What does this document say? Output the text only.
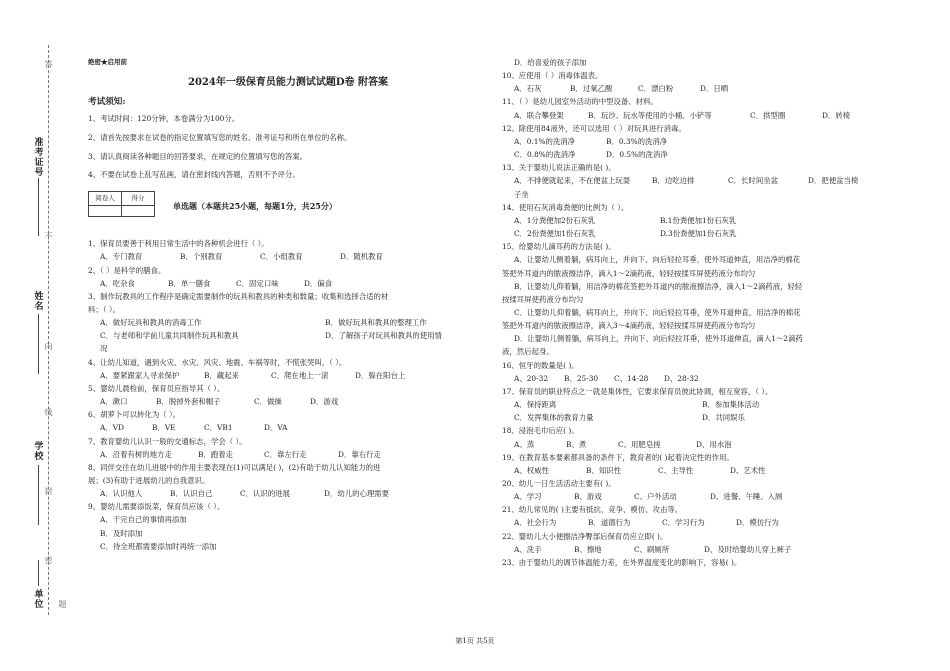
准考证号
姓名
学校
单位
答
不
内
线
封
密
题
绝密★启用前
2024年一级保育员能力测试试题D卷 附答案
考试须知:
1、考试时间：120分钟，本卷满分为100分。
2、请首先按要求在试卷的指定位置填写您的姓名、准考证号和所在单位的名称。
3、请认真阅读各种题目的回答要求，在规定的位置填写您的答案。
4、不要在试卷上乱写乱画，请在密封线内答题，否则不予评分。
阅卷人	得分

单选题（本题共25小题，每题1分，共25分）
1、保育员要善于利用日常生活中的各种机会进行（ ）。
A．专门教育	B．个别教育	C．小组教育	D．随机教育
2、（ ）是科学的膳食。
A．吃杂食	B．单一膳食	C．固定口味	D．偏食
3、制作玩教具的工作程序是确定需要制作的玩具和教具的种类和数量；收集和选择合适的材
料；（ ）。
A．做好玩具和教具的消毒工作	B．做好玩具和教具的整理工作
C．与老师和学前儿童共同制作玩具和教具	D．了解孩子对玩具和教具的使用情
况
4、让幼儿知道，遇到火灾、水灾、风灾、地震、车祸等时，不慌张哭叫，（ ）。
A．要紧跟家人寻求保护	B．藏起来	C．爬在地上一滚	D．躲在阳台上
5、婴幼儿晨检前，保育员应指导其（ ）。
A．漱口	B．脱掉外套和帽子	C．做操	D．游戏
6、胡萝卜可以转化为（ ）。
A．VD	B．VE	C．VB1	D．VA
7、教育婴幼儿认识一般的交通标志，学会（ ）。
A．沿着有树的地方走	B．跑着走	C．靠左行走	D．靠右行走
8、同伴交往在幼儿进展中的作用主要表现在(1)可以满足( )，(2)有助于幼儿认知能力的进
展；(3)有助于进展幼儿的自我意识。
A．认识他人	B．认识自己	C．认识的进展	D．幼儿的心理需要
9、婴幼儿需要添饭菜，保育员应该（ ）。
A．干完自己的事情再添加
B．及时添加
C．待全班都需要添加时再统一添加
D．给喜爱的孩子添加
10、应使用（ ）消毒体温表。
A．石灰	B．过氧乙酸	C．漂白粉	D．日晒
11、（ ）是幼儿园室外活动的中型设备、材料。
A．联合攀登架	B．玩沙、玩水等使用的小桶、小铲等	C．拱型圈	D．转椅
12、除使用84液外，还可以选用（ ）对玩具进行消毒。
A．0.1%的洗消净	B．0.3%的洗消净
C．0.8%的洗消净	D．0.5%的洗消净
13、关于婴幼儿说法正确的是( )。
A．不排便就起来，不在便盆上玩耍	B．边吃边排	C．长时间坐盆	D．把便盆当椅
子坐
14、使用石灰消毒粪便的比例为（ ）。
A．1分粪便加2份石灰乳	B.1份粪便加1份石灰乳
C．2份粪便加1份石灰乳	D.3份粪便加1份石灰乳
15、给婴幼儿滴耳药的方法是( )。
A．让婴幼儿侧着躺，病耳向上，并向下、向后轻拉耳垂，使外耳道伸直，用洁净的棉花
签把外耳道内的脓液擦洁净，滴入1～2滴药液，轻轻按揉耳屏使药液分布均匀
B．让婴幼儿仰着躺，用洁净的棉花签把外耳道内的脓液擦洁净，滴入1～2滴药液，轻轻
按揉耳屏使药液分布均匀
C．让婴幼儿仰着躺，病耳向上，并向下、向后轻拉耳垂，使外耳道伸直，用洁净的棉花
签把外耳道内的脓液擦洁净，滴入3～4滴药液，轻轻按揉耳屏使药液分布均匀
D．让婴幼儿侧着躺，病耳向上，并向下、向后轻拉耳垂，使外耳道伸直，滴入1～2滴药
液，然后起身。
16、恒牙的数量是( )。
A、20-32	B、25-30	C、14-28	D、28-32
17、保育员的职业特点之一就是集体性，它要求保育员彼此协调，相互宽容，（ ）。
A．保持距离	B．参加集体活动
C．发挥集体的教育力量	D．共同娱乐
18、浸泡毛巾后应( )。
A、蒸	B、煮	C、用肥皂搓	D、用水泡
19、在教育基本要素都具备的条件下，教育者的( )起着决定性的作用。
A、权威性	B、知识性	C、主导性	D、艺术性
20、幼儿一日生活活动主要有( )。
A、学习	B、游戏	C、户外活动	D、进餐、午睡、入厕
21、幼儿常见的( )主要有抵抗、竞争、模仿、攻击等。
A．社会行为	B．道德行为	C．学习行为	D．模仿行为
22、婴幼儿大小便擦洁净臀部后保育员应立即( )。
A、洗手	B、擦地	C、刷厕所	D、及时给婴幼儿穿上裤子
23、由于婴幼儿的调节体温能力差，在外界温度变化的影响下，容易( )。
第1页 共5页
